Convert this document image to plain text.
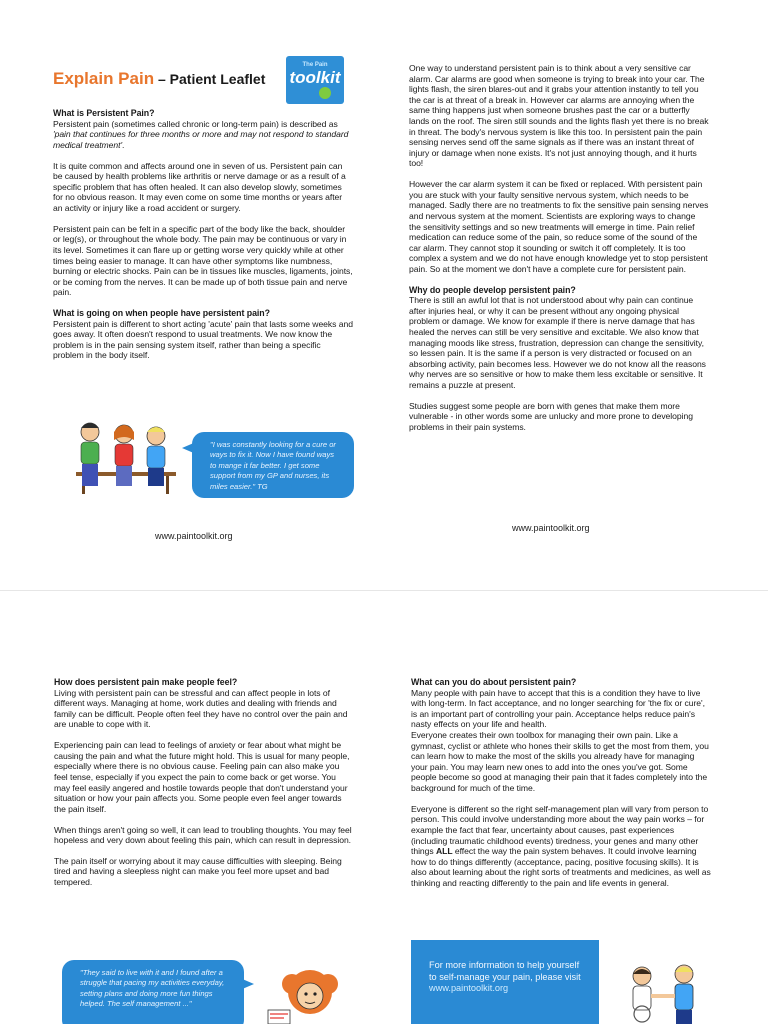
Explain Pain – Patient Leaflet
The Pain
toolkit
What is Persistent Pain?

Persistent pain (sometimes called chronic or long-term pain) is described as 'pain that continues for three months or more and may not respond to standard medical treatment'.

It is quite common and affects around one in seven of us. Persistent pain can be caused by health problems like arthritis or nerve damage or as a result of a specific problem that has often healed. It can also develop slowly, sometimes for no obvious reason. It may even come on some time months or years after an activity or injury like a road accident or surgery.

Persistent pain can be felt in a specific part of the body like the back, shoulder or leg(s), or throughout the whole body. The pain may be continuous or vary in its level. Sometimes it can flare up or getting worse very quickly while at other times being easier to manage. It can have other symptoms like numbness, burning or electric shocks. Pain can be in tissues like muscles, ligaments, joints, or be coming from the nerves. It can be made up of both tissue pain and nerve pain.

What is going on when people have persistent pain?

Persistent pain is different to short acting 'acute' pain that lasts some weeks and goes away. It often doesn't respond to usual treatments. We now know the problem is in the pain sensing system itself, rather than being a specific problem in the body itself.

"I was constantly looking for a cure or ways to fix it. Now I have found ways to mange it far better. I get some support from my GP and nurses, its miles easier." TG
www.paintoolkit.org

One way to understand persistent pain is to think about a very sensitive car alarm. Car alarms are good when someone is trying to break into your car. The lights flash, the siren blares-out and it grabs your attention instantly to tell you the car is at threat of a break in. However car alarms are annoying when the same thing happens just when someone brushes past the car or a butterfly lands on the roof. The siren still sounds and the lights flash yet there is no break in threat. The body's nervous system is like this too. In persistent pain the pain sensing nerves send off the same signals as if there was an instant threat of injury or damage when none exists. It's not just annoying though, and it hurts too!

However the car alarm system it can be fixed or replaced. With persistent pain you are stuck with your faulty sensitive nervous system, which needs to be managed. Sadly there are no treatments to fix the sensitive pain sensing nerves and nervous system at the moment. Scientists are exploring ways to change the sensitivity settings and so new treatments will emerge in time. Pain relief medication can reduce some of the pain, so reduce some of the sound of the car alarm. They cannot stop it sounding or switch it off completely. It is too complex a system and we do not have enough knowledge yet to stop persistent pain. So at the moment we don't have a complete cure for persistent pain.

Why do people develop persistent pain?

There is still an awful lot that is not understood about why pain can continue after injuries heal, or why it can be present without any ongoing physical problem or damage. We know for example if there is nerve damage that has healed the nerves can still be very sensitive and excitable. We also know that managing moods like stress, frustration, depression can change the sensitivity, so lessen pain. It is the same if a person is very distracted or focused on an absorbing activity, pain becomes less. However we do not know all the reasons why nerves are so sensitive or how to make them less excitable or sensitive. It remains a puzzle at present.

Studies suggest some people are born with genes that make them more vulnerable - in other words some are unlucky and more prone to developing problems in their pain systems.

www.paintoolkit.org
How does persistent pain make people feel?

Living with persistent pain can be stressful and can affect people in lots of different ways. Managing at home, work duties and dealing with friends and family can be difficult. People often feel they have no control over the pain and are unable to cope with it.

Experiencing pain can lead to feelings of anxiety or fear about what might be causing the pain and what the future might hold. This is usual for many people, especially where there is no obvious cause. Feeling pain can also make you feel tense, especially if you expect the pain to come back or get worse. You may feel easily angered and hostile towards people that don't understand your situation or how your pain affects you. Some people even feel anger towards the pain itself.

When things aren't going so well, it can lead to troubling thoughts. You may feel hopeless and very down about feeling this pain, which can result in depression.

The pain itself or worrying about it may cause difficulties with sleeping. Being tired and having a sleepless night can make you feel more upset and bad tempered.

"They said to live with it and I found after a struggle that pacing my activities everyday, setting plans and doing more fun things helped. The self management ..."
What can you do about persistent pain?

Many people with pain have to accept that this is a condition they have to live with long-term. In fact acceptance, and no longer searching for 'the fix or cure', is an important part of controlling your pain. Acceptance helps reduce pain's nasty effects on your life and health.

Everyone creates their own toolbox for managing their own pain. Like a gymnast, cyclist or athlete who hones their skills to get the most from them, you can learn how to make the most of the skills you already have for managing your pain. You may learn new ones to add into the ones you've got. Some people become so good at managing their pain that it fades completely into the background for much of the time.

Everyone is different so the right self-management plan will vary from person to person. This could involve understanding more about the way pain works – for example the fact that fear, uncertainty about causes, past experiences (including traumatic childhood events) tiredness, your genes and many other things ALL effect the way the pain system behaves. It could involve learning how to do things differently (acceptance, pacing, positive focusing skills). It is also about learning about the right sorts of treatments and medicines, as well as thinking and reacting differently to the pain and life events in general.

For more information to help yourself to self-manage your pain, please visit
www.paintoolkit.org
